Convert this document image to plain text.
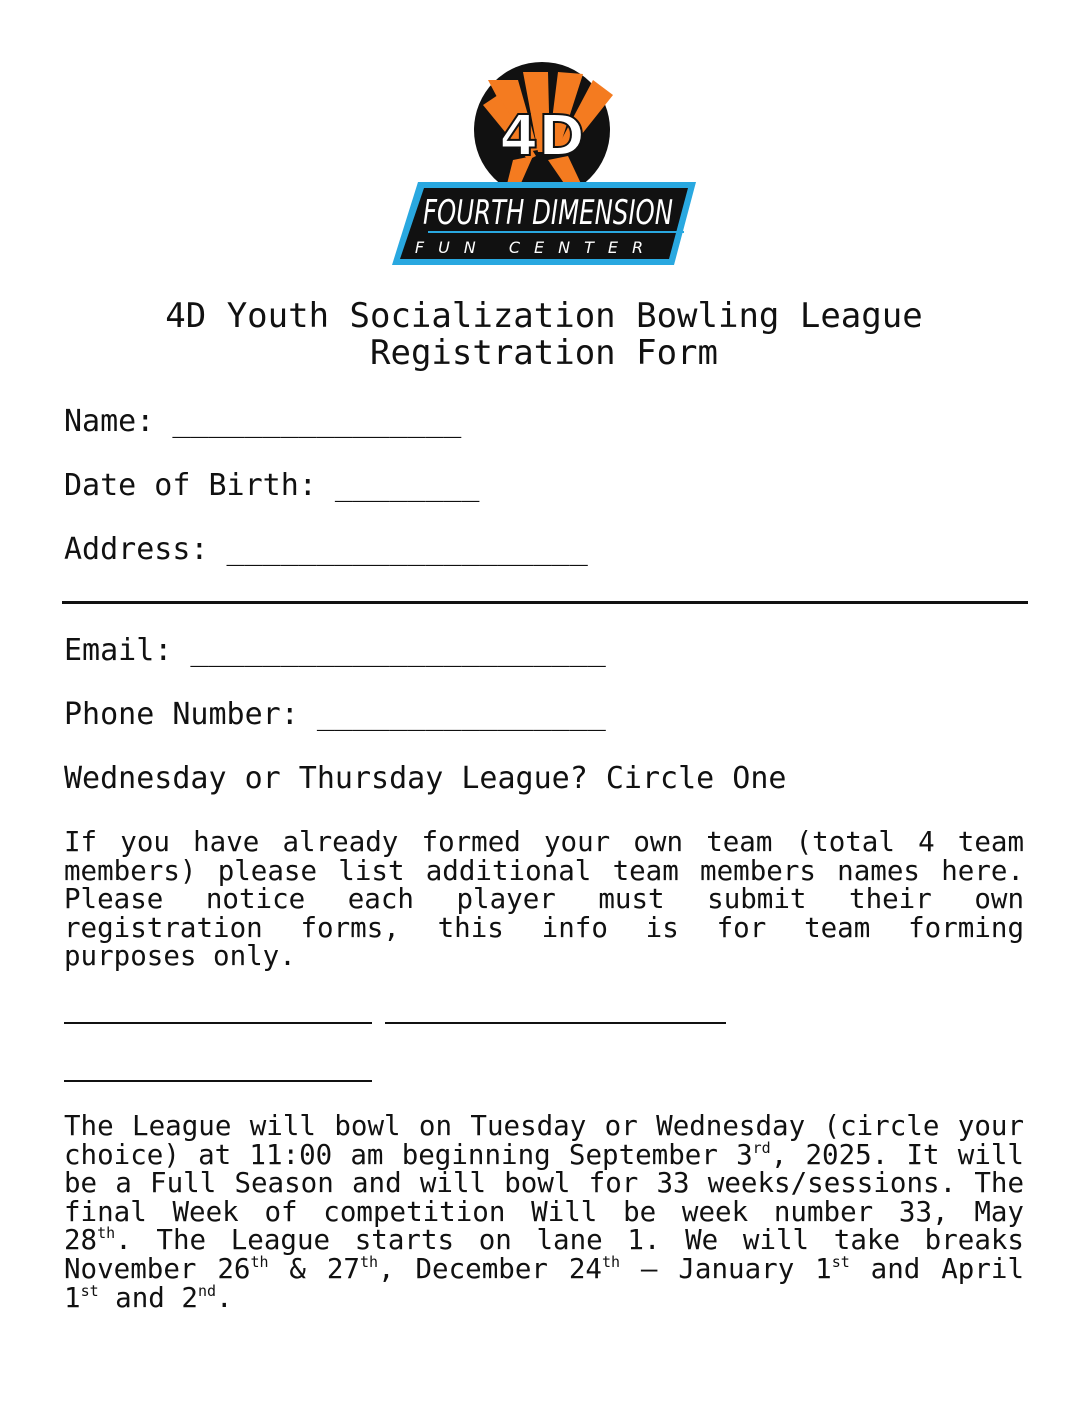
4D
FOURTH DIMENSION
FUN CENTER
4D Youth Socialization Bowling League
Registration Form
Name: ________________
Date of Birth: ________
Address: ____________________
Email: _______________________
Phone Number: ________________
Wednesday or Thursday League? Circle One
If you have already formed your own team (total 4 team members) please list additional team members names here. Please notice each player must submit their own registration forms, this info is for team forming purposes only.
The League will bowl on Tuesday or Wednesday (circle your choice) at 11:00 am beginning September 3rd, 2025. It will be a Full Season and will bowl for 33 weeks/sessions. The final Week of competition Will be week number 33, May 28th. The League starts on lane 1. We will take breaks November 26th & 27th, December 24th – January 1st and April 1st and 2nd.
